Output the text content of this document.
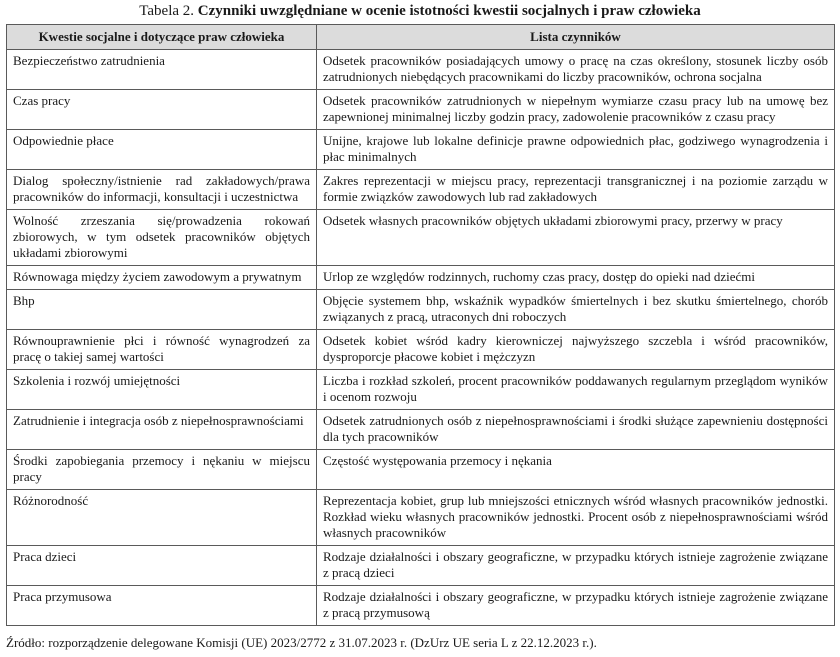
Tabela 2. Czynniki uwzględniane w ocenie istotności kwestii socjalnych i praw człowieka
Kwestie socjalne i dotyczące praw człowieka	Lista czynników
Bezpieczeństwo zatrudnienia	Odsetek pracowników posiadających umowy o pracę na czas określony, stosunek liczby osób zatrudnionych niebędących pracownikami do liczby pracowników, ochrona socjalna
Czas pracy	Odsetek pracowników zatrudnionych w niepełnym wymiarze czasu pracy lub na umowę bez zapewnionej minimalnej liczby godzin pracy, zadowolenie pracowników z czasu pracy
Odpowiednie płace	Unijne, krajowe lub lokalne definicje prawne odpowiednich płac, godziwego wynagrodzenia i płac minimalnych
Dialog społeczny/istnienie rad zakładowych/prawa pracowników do informacji, konsultacji i uczestnictwa	Zakres reprezentacji w miejscu pracy, reprezentacji transgranicznej i na poziomie zarządu w formie związków zawodowych lub rad zakładowych
Wolność zrzeszania się/prowadzenia rokowań zbiorowych, w tym odsetek pracowników objętych układami zbiorowymi	Odsetek własnych pracowników objętych układami zbiorowymi pracy, przerwy w pracy
Równowaga między życiem zawodowym a prywatnym	Urlop ze względów rodzinnych, ruchomy czas pracy, dostęp do opieki nad dziećmi
Bhp	Objęcie systemem bhp, wskaźnik wypadków śmiertelnych i bez skutku śmiertelnego, chorób związanych z pracą, utraconych dni roboczych
Równouprawnienie płci i równość wynagrodzeń za pracę o takiej samej wartości	Odsetek kobiet wśród kadry kierowniczej najwyższego szczebla i wśród pracowników, dysproporcje płacowe kobiet i mężczyzn
Szkolenia i rozwój umiejętności	Liczba i rozkład szkoleń, procent pracowników poddawanych regularnym przeglądom wyników i ocenom rozwoju
Zatrudnienie i integracja osób z niepełnosprawnościami	Odsetek zatrudnionych osób z niepełnosprawnościami i środki służące zapewnieniu dostępności dla tych pracowników
Środki zapobiegania przemocy i nękaniu w miejscu pracy	Częstość występowania przemocy i nękania
Różnorodność	Reprezentacja kobiet, grup lub mniejszości etnicznych wśród własnych pracowników jednostki. Rozkład wieku własnych pracowników jednostki. Procent osób z niepełnosprawnościami wśród własnych pracowników
Praca dzieci	Rodzaje działalności i obszary geograficzne, w przypadku których istnieje zagrożenie związane z pracą dzieci
Praca przymusowa	Rodzaje działalności i obszary geograficzne, w przypadku których istnieje zagrożenie związane z pracą przymusową
Źródło: rozporządzenie delegowane Komisji (UE) 2023/2772 z 31.07.2023 r. (DzUrz UE seria L z 22.12.2023 r.).
